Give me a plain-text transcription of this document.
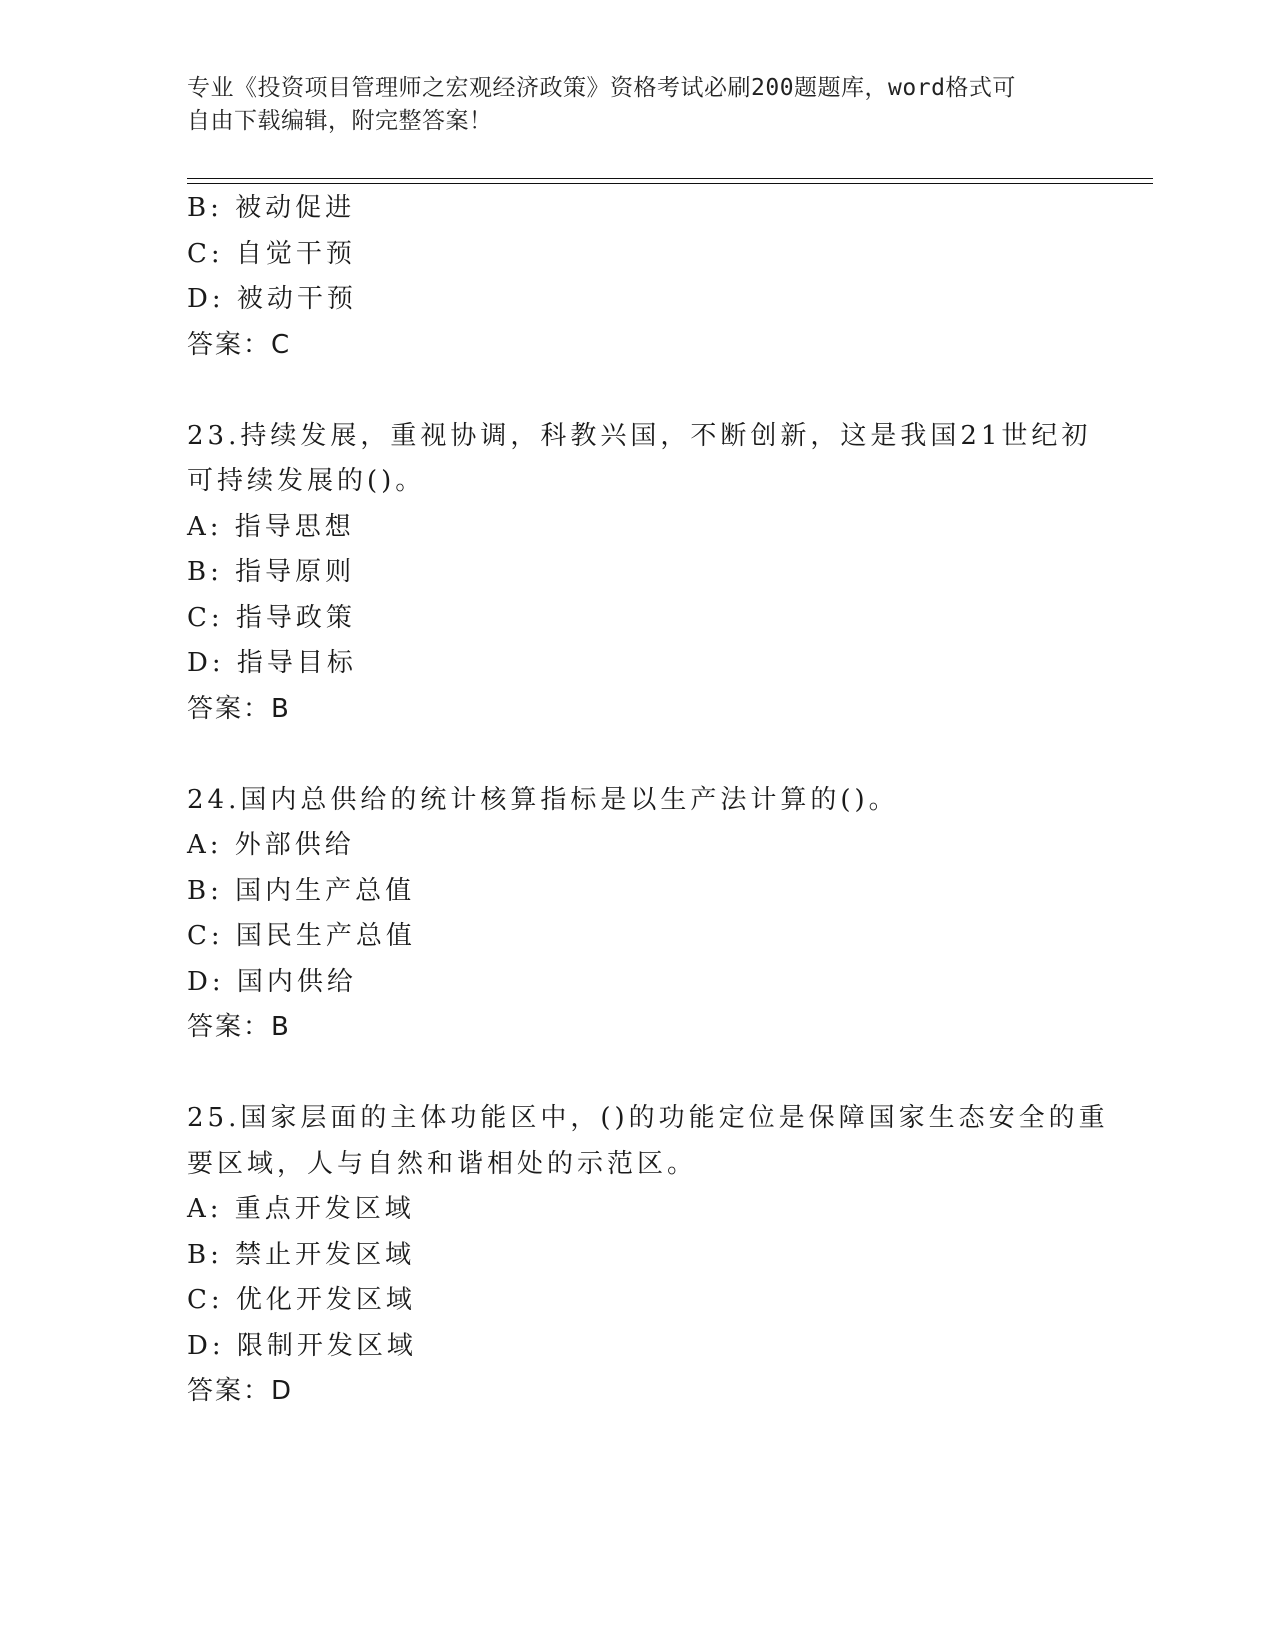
专业《投资项目管理师之宏观经济政策》资格考试必刷200题题库，word格式可
自由下载编辑，附完整答案！
B: 被动促进
C: 自觉干预
D: 被动干预
答案：C
23.持续发展，重视协调，科教兴国，不断创新，这是我国21世纪初
可持续发展的()。
A: 指导思想
B: 指导原则
C: 指导政策
D: 指导目标
答案：B
24.国内总供给的统计核算指标是以生产法计算的()。
A: 外部供给
B: 国内生产总值
C: 国民生产总值
D: 国内供给
答案：B
25.国家层面的主体功能区中，()的功能定位是保障国家生态安全的重
要区域，人与自然和谐相处的示范区。
A: 重点开发区域
B: 禁止开发区域
C: 优化开发区域
D: 限制开发区域
答案：D
